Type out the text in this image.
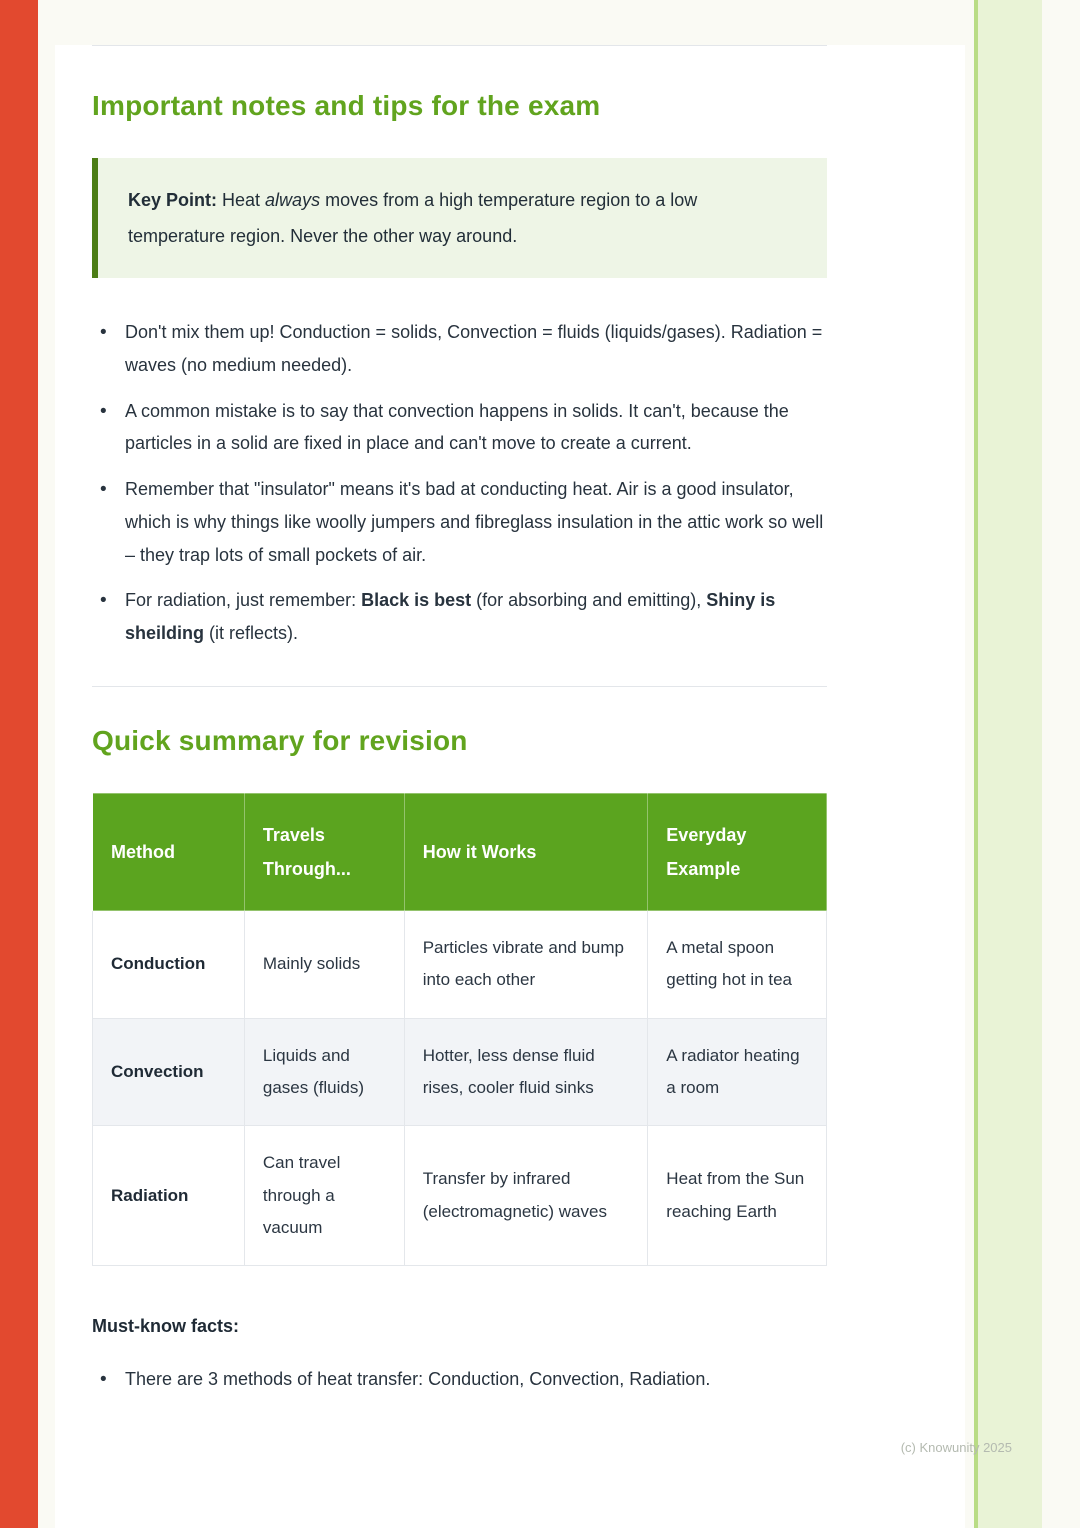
Important notes and tips for the exam
Key Point: Heat always moves from a high temperature region to a low temperature region. Never the other way around.
• Don't mix them up! Conduction = solids, Convection = fluids (liquids/gases). Radiation = waves (no medium needed).
• A common mistake is to say that convection happens in solids. It can't, because the particles in a solid are fixed in place and can't move to create a current.
• Remember that "insulator" means it's bad at conducting heat. Air is a good insulator, which is why things like woolly jumpers and fibreglass insulation in the attic work so well – they trap lots of small pockets of air.
• For radiation, just remember: Black is best (for absorbing and emitting), Shiny is sheilding (it reflects).
Quick summary for revision
Method	Travels Through...	How it Works	Everyday Example
Conduction	Mainly solids	Particles vibrate and bump into each other	A metal spoon getting hot in tea
Convection	Liquids and gases (fluids)	Hotter, less dense fluid rises, cooler fluid sinks	A radiator heating a room
Radiation	Can travel through a vacuum	Transfer by infrared (electromagnetic) waves	Heat from the Sun reaching Earth
Must-know facts:
• There are 3 methods of heat transfer: Conduction, Convection, Radiation.
(c) Knowunity 2025
